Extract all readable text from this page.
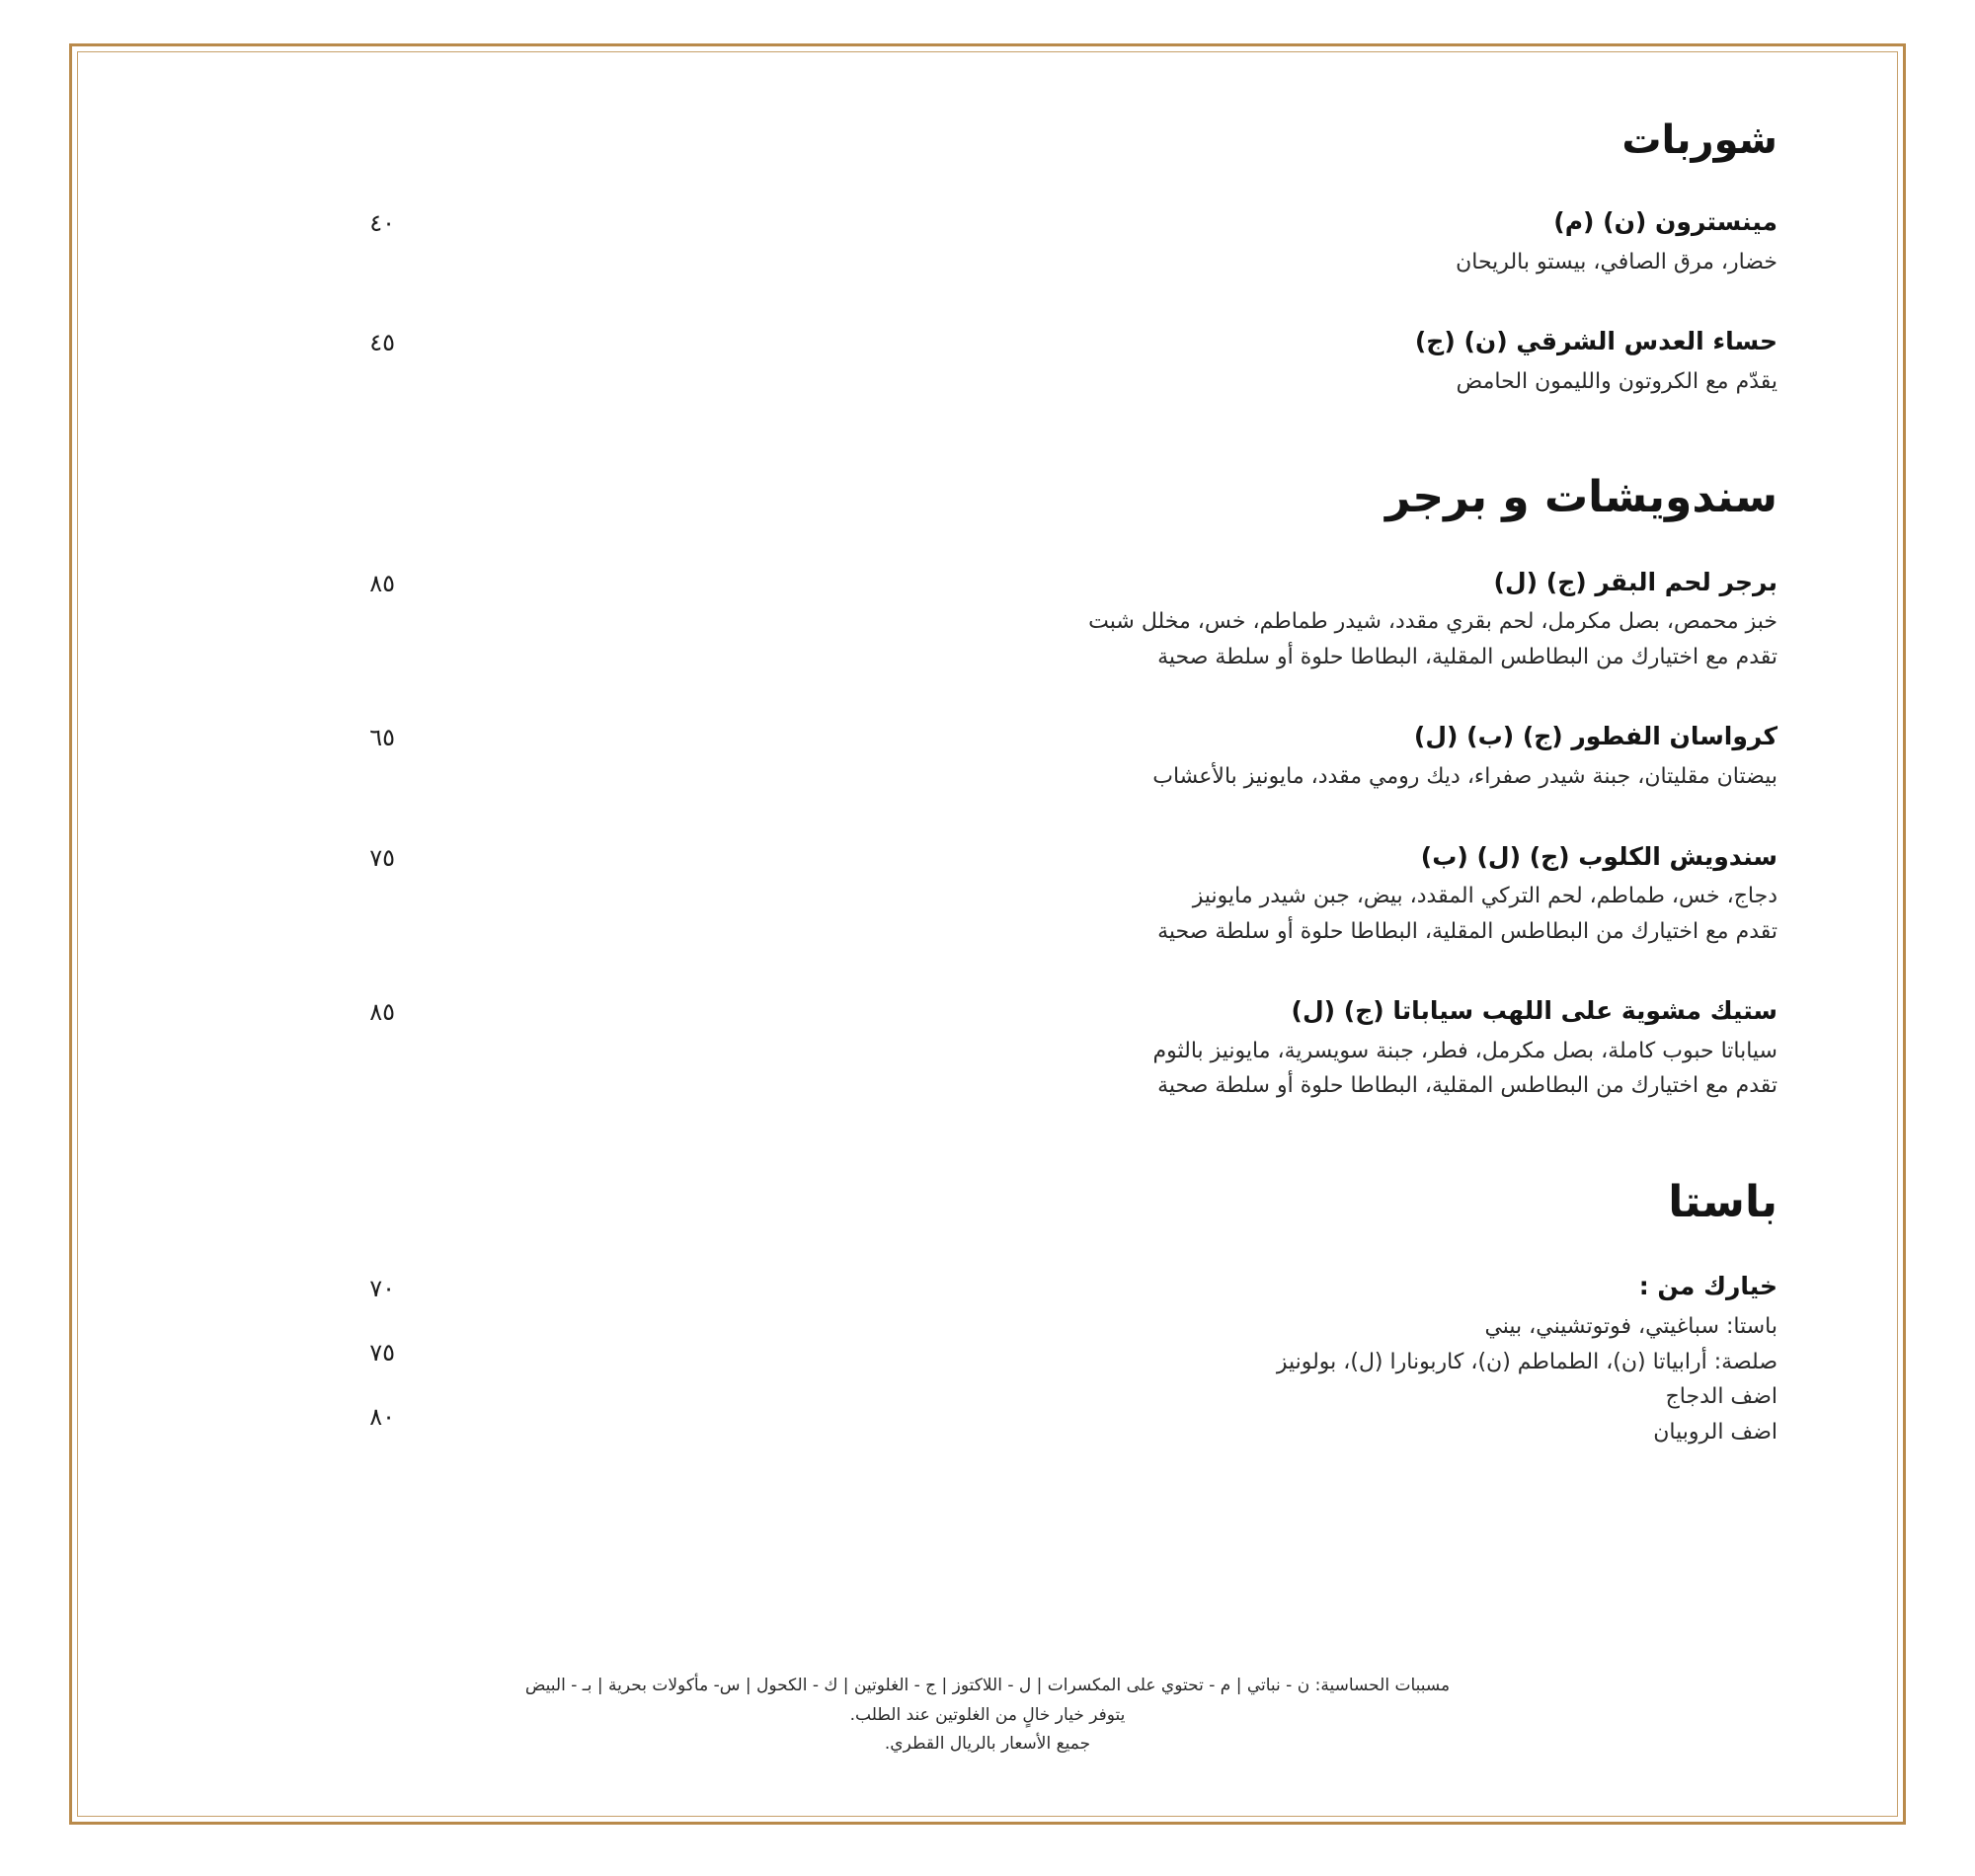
شوربات
مينسترون (ن) (م)
خضار، مرق الصافي، بيستو بالريحان
٤٠
حساء العدس الشرقي (ن) (ج)
يقدّم مع الكروتون والليمون الحامض
٤٥
سندويشات و برجر
برجر لحم البقر (ج) (ل)
خبز محمص، بصل مكرمل، لحم بقري مقدد، شيدر طماطم، خس، مخلل شبت
تقدم مع اختيارك من البطاطس المقلية، البطاطا حلوة أو سلطة صحية
٨٥
كرواسان الفطور (ج) (ب) (ل)
بيضتان مقليتان، جبنة شيدر صفراء، ديك رومي مقدد، مايونيز بالأعشاب
٦٥
سندويش الكلوب (ج) (ل) (ب)
دجاج، خس، طماطم، لحم التركي المقدد، بيض، جبن شيدر مايونيز
تقدم مع اختيارك من البطاطس المقلية، البطاطا حلوة أو سلطة صحية
٧٥
ستيك مشوية على اللهب سياباتا (ج) (ل)
سياباتا حبوب كاملة، بصل مكرمل، فطر، جبنة سويسرية، مايونيز بالثوم
تقدم مع اختيارك من البطاطس المقلية، البطاطا حلوة أو سلطة صحية
٨٥
باستا
خيارك من :
باستا: سباغيتي، فوتوتشيني، بيني
صلصة: أرابياتا (ن)، الطماطم (ن)، كاربونارا (ل)، بولونيز
اضف الدجاج
اضف الروبيان
٧٠
٧٥
٨٠
مسببات الحساسية: ن - نباتي | م - تحتوي على المكسرات | ل - اللاكتوز | ج - الغلوتين | ك - الكحول | س- مأكولات بحرية | بـ - البيض
يتوفر خيار خالٍ من الغلوتين عند الطلب.
جميع الأسعار بالريال القطري.
